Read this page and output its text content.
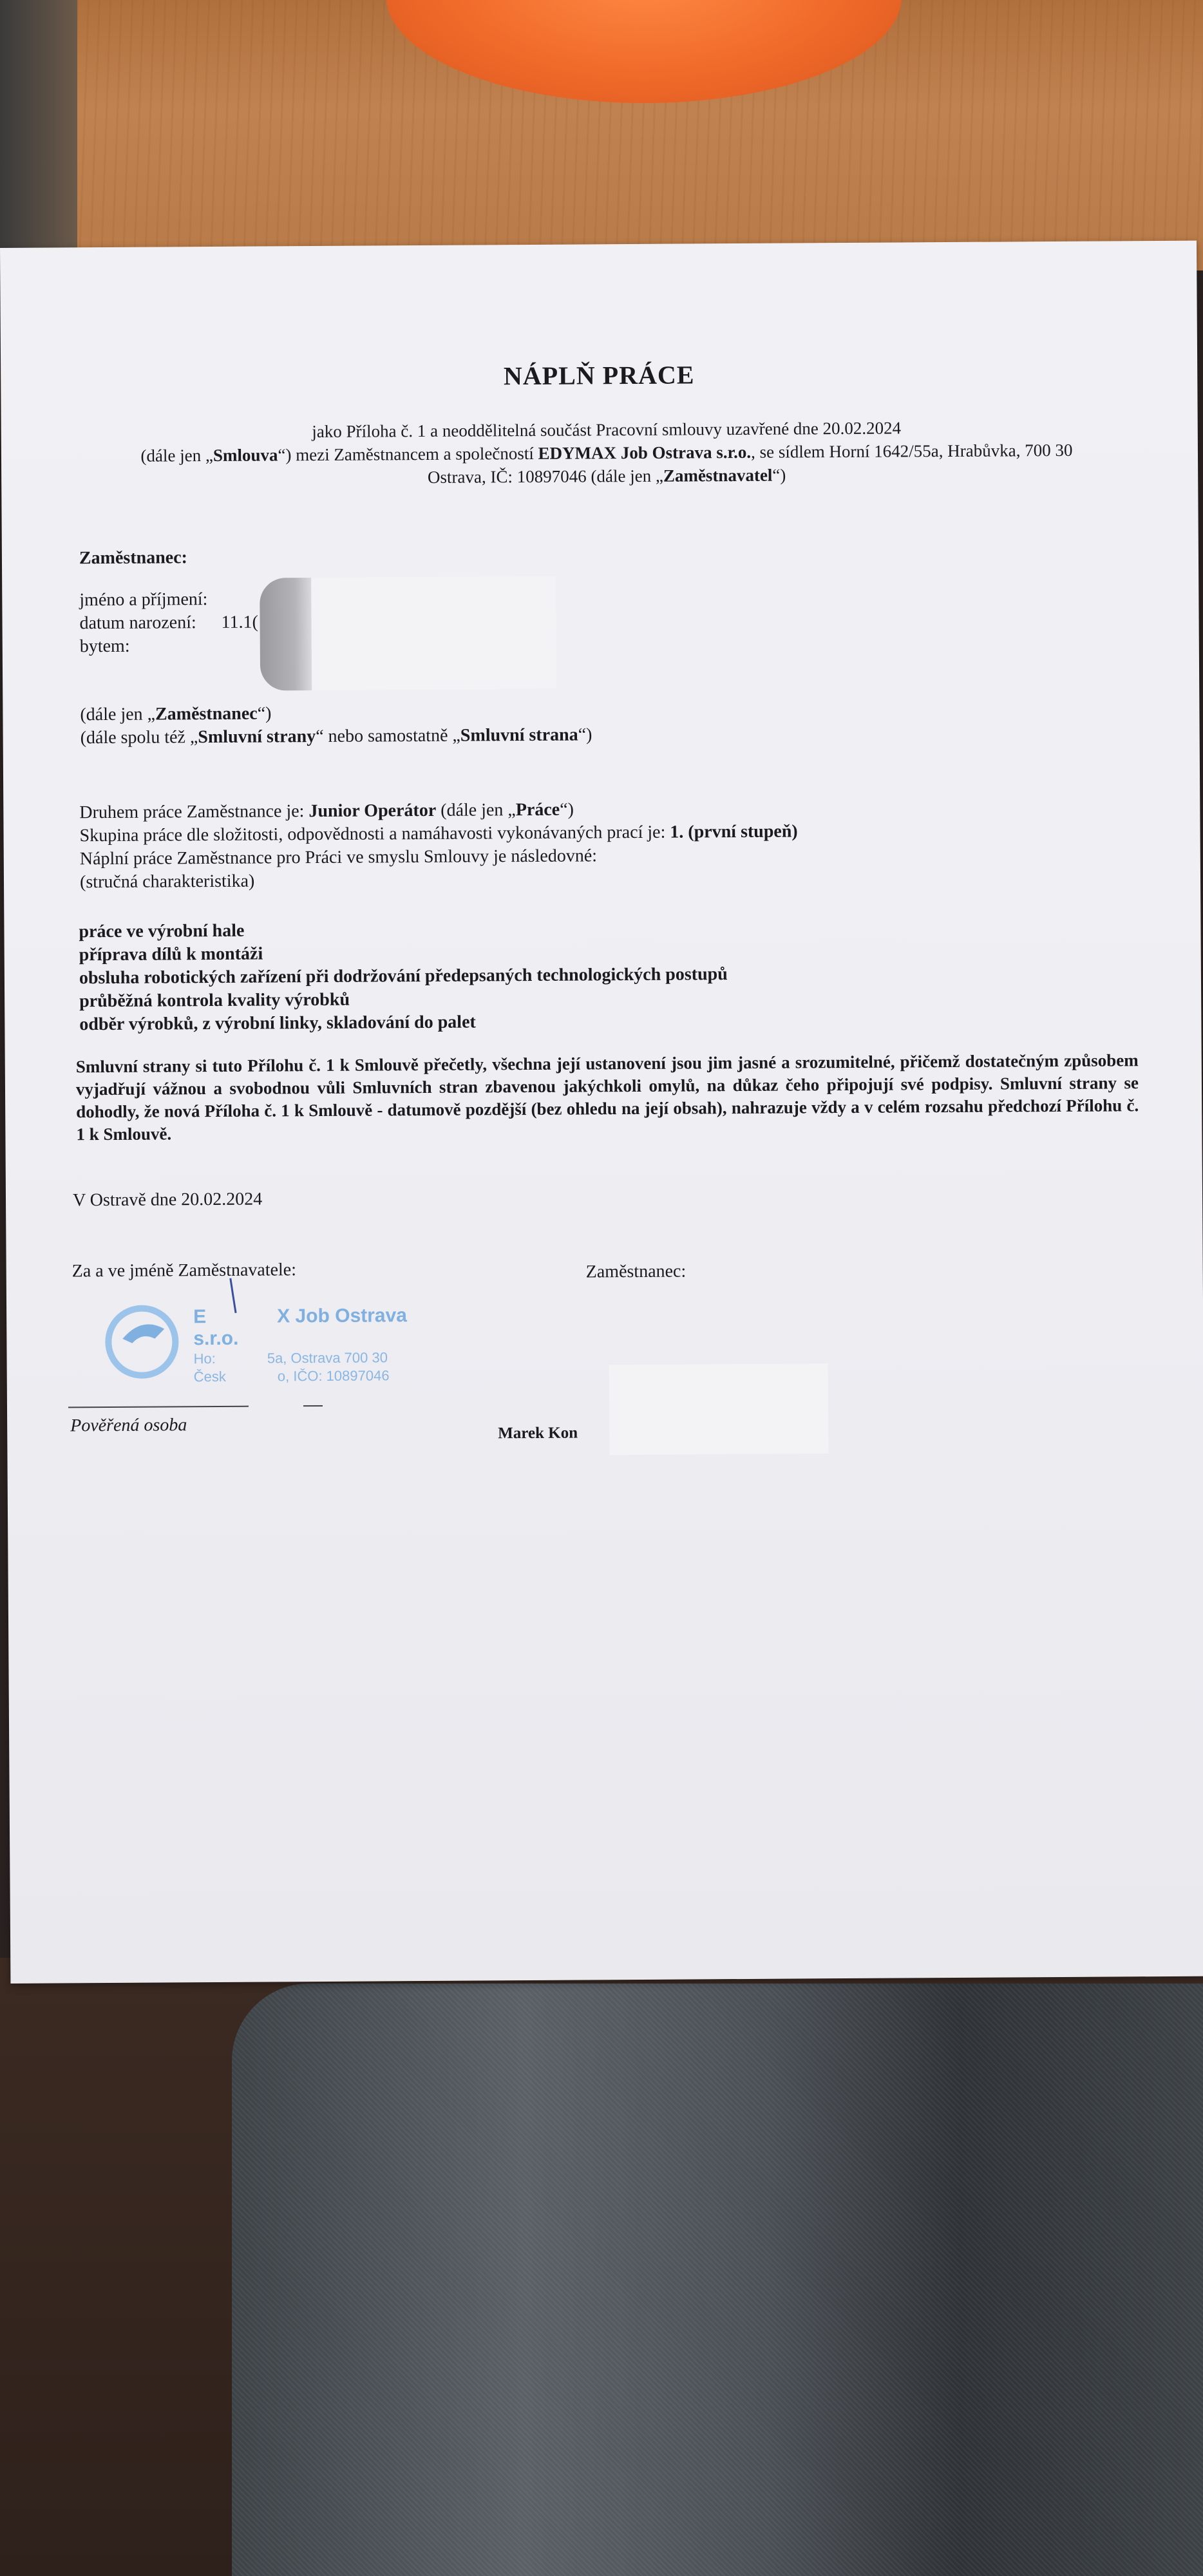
NÁPLŇ PRÁCE
jako Příloha č. 1 a neoddělitelná součást Pracovní smlouvy uzavřené dne 20.02.2024
(dále jen „Smlouva“) mezi Zaměstnancem a společností EDYMAX Job Ostrava s.r.o., se sídlem Horní 1642/55a, Hrabůvka, 700 30
Ostrava, IČ: 10897046 (dále jen „Zaměstnavatel“)
Zaměstnanec:
jméno a příjmení:
datum narození: 11.1(
bytem:
(dále jen „Zaměstnanec“)
(dále spolu též „Smluvní strany“ nebo samostatně „Smluvní strana“)
Druhem práce Zaměstnance je: Junior Operátor (dále jen „Práce“)
Skupina práce dle složitosti, odpovědnosti a namáhavosti vykonávaných prací je: 1. (první stupeň)
Náplní práce Zaměstnance pro Práci ve smyslu Smlouvy je následovné:
(stručná charakteristika)
práce ve výrobní hale
příprava dílů k montáži
obsluha robotických zařízení při dodržování předepsaných technologických postupů
průběžná kontrola kvality výrobků
odběr výrobků, z výrobní linky, skladování do palet
Smluvní strany si tuto Přílohu č. 1 k Smlouvě přečetly, všechna její ustanovení jsou jim jasné a srozumitelné, přičemž dostatečným způsobem vyjadřují vážnou a svobodnou vůli Smluvních stran zbavenou jakýchkoli omylů, na důkaz čeho připojují své podpisy. Smluvní strany se dohodly, že nová Příloha č. 1 k Smlouvě - datumově pozdější (bez ohledu na její obsah), nahrazuje vždy a v celém rozsahu předchozí Přílohu č. 1 k Smlouvě.
V Ostravě dne 20.02.2024
Za a ve jméně Zaměstnavatele:	Zaměstnanec:
E	X Job Ostrava s.r.o.
Ho:	5a, Ostrava 700 30
Česk	o, IČO: 10897046
Pověřená osoba	Marek Kon
